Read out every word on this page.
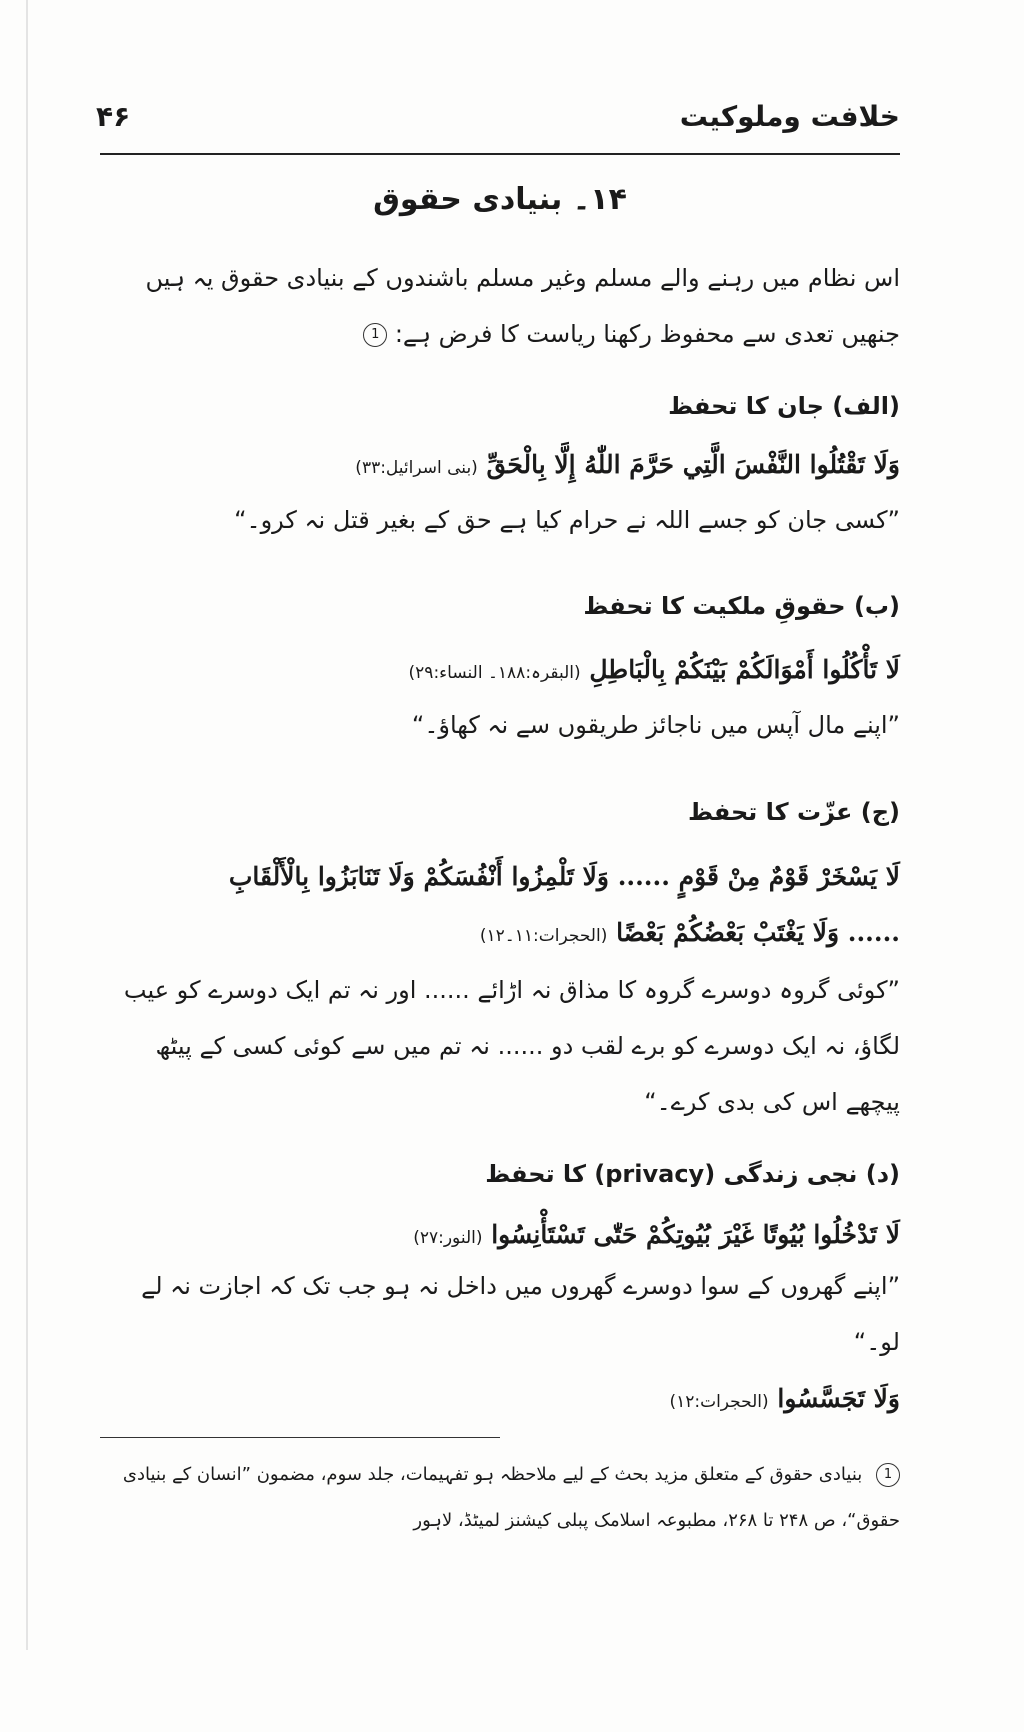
خلافت وملوکیت
۴۶
۱۴۔ بنیادی حقوق
اس نظام میں رہنے والے مسلم وغیر مسلم باشندوں کے بنیادی حقوق یہ ہیں جنھیں تعدی سے محفوظ رکھنا ریاست کا فرض ہے: 1
(الف) جان کا تحفظ
وَلَا تَقْتُلُوا النَّفْسَ الَّتِي حَرَّمَ اللّٰهُ إِلَّا بِالْحَقِّ (بنی اسرائیل:۳۳)
”کسی جان کو جسے اللہ نے حرام کیا ہے حق کے بغیر قتل نہ کرو۔“
(ب) حقوقِ ملکیت کا تحفظ
لَا تَأْكُلُوا أَمْوَالَكُمْ بَيْنَكُمْ بِالْبَاطِلِ (البقرہ:۱۸۸۔ النساء:۲۹)
”اپنے مال آپس میں ناجائز طریقوں سے نہ کھاؤ۔“
(ج) عزّت کا تحفظ
لَا يَسْخَرْ قَوْمٌ مِنْ قَوْمٍ ...... وَلَا تَلْمِزُوا أَنْفُسَكُمْ وَلَا تَنَابَزُوا بِالْأَلْقَابِ
...... وَلَا يَغْتَبْ بَعْضُكُمْ بَعْضًا (الحجرات:۱۱۔۱۲)
”کوئی گروہ دوسرے گروہ کا مذاق نہ اڑائے ...... اور نہ تم ایک دوسرے کو عیب لگاؤ، نہ ایک دوسرے کو برے لقب دو ...... نہ تم میں سے کوئی کسی کے پیٹھ پیچھے اس کی بدی کرے۔“
(د) نجی زندگی (privacy) کا تحفظ
لَا تَدْخُلُوا بُيُوتًا غَيْرَ بُيُوتِكُمْ حَتّٰى تَسْتَأْنِسُوا (النور:۲۷)
”اپنے گھروں کے سوا دوسرے گھروں میں داخل نہ ہو جب تک کہ اجازت نہ لے لو۔“
وَلَا تَجَسَّسُوا (الحجرات:۱۲)
1 بنیادی حقوق کے متعلق مزید بحث کے لیے ملاحظہ ہو تفہیمات، جلد سوم، مضمون ”انسان کے بنیادی حقوق“، ص ۲۴۸ تا ۲۶۸، مطبوعہ اسلامک پبلی کیشنز لمیٹڈ، لاہور
